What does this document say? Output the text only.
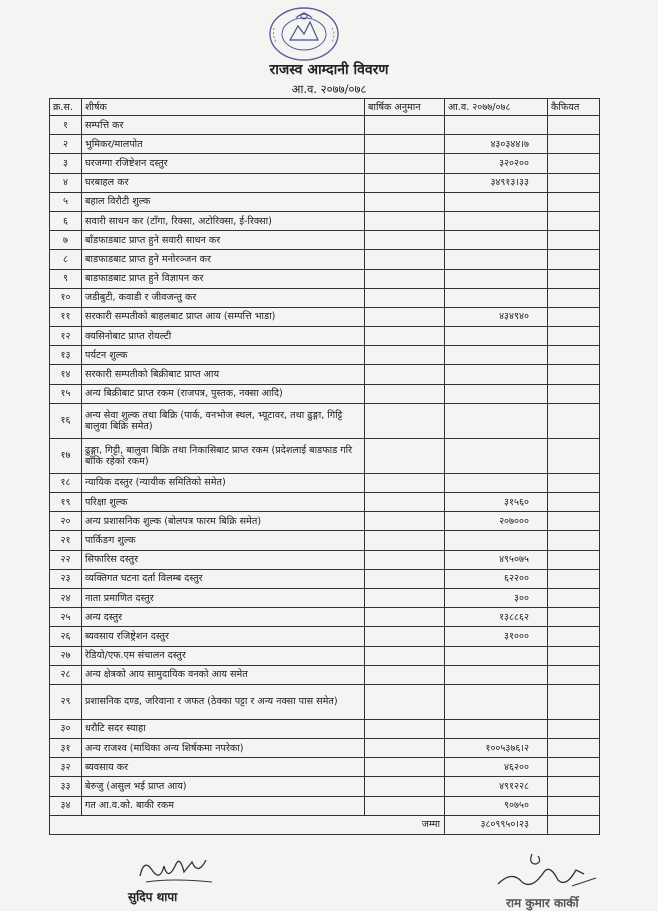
राजस्व आम्दानी विवरण
आ.व. २०७७/०७८
क्र.स.	शीर्षक	बार्षिक अनुमान	आ.व. २०७७/०७८	कैफियत
१	सम्पत्ति कर			
२	भुमिकर/मालपोत		४३०३४४।७	
३	घरजग्गा रजिष्टेशन दस्तुर		३२०२००	
४	घरबाहल कर		३४९१३।३३	
५	बहाल विरौटी शुल्क			
६	सवारी साधन कर (टाँगा, रिक्सा, अटोरिक्सा, ई-रिक्सा)			
७	बाँडफाडबाट प्राप्त हुने सवारी साधन कर			
८	बाडफाडबाट प्राप्त हुने मनोरञ्जन कर			
९	बाडफाडबाट प्राप्त हुने विज्ञापन कर			
१०	जडीबुटी, कवाडी र जीवजन्तु कर			
११	सरकारी सम्पतीको बाहलबाट प्राप्त आय (सम्पत्ति भाडा)		४३४९४०	
१२	क्यसिनोबाट प्राप्त रोयल्टी			
१३	पर्यटन शुल्क			
१४	सरकारी सम्पतीको बिक्रीबाट प्राप्त आय			
१५	अन्य बिक्रीबाट प्राप्त रकम (राजपत्र, पुस्तक, नक्सा आदि)			
१६	अन्य सेवा शुल्क तथा बिक्रि (पार्क, वनभोज स्थल, भ्यूटावर, तथा ढुङ्गा, गिट्टि बालुवा बिक्रि समेत)			
१७	ढुङ्गा, गिट्टी, बालुवा बिक्रि तथा निकासिबाट प्राप्त रकम (प्रदेशलाई बाडफाड गरि बाँकि रहेको रकम)			
१८	न्यायिक दस्तुर (न्यायीक समितिको समेत)			
१९	परिक्षा शुल्क		३१५६०	
२०	अन्य प्रशासनिक शुल्क (बोलपत्र फारम बिक्रि समेत)		२०७०००	
२१	पार्किङग शुल्क			
२२	सिफारिस दस्तुर		४९५०७५	
२३	व्यक्तिगत घटना दर्ता विलम्ब दस्तुर		६२२००	
२४	नाता प्रमाणित दस्तुर		३००	
२५	अन्य दस्तुर		१३८८६२	
२६	ब्यवसाय रजिष्ट्रेशन दस्तुर		३१०००	
२७	रेडियो/एफ.एम संचालन दस्तुर			
२८	अन्य क्षेत्रको आय सामुदायिक वनको आय समेत			
२९	प्रशासनिक दण्ड, जरिवाना र जफत (ठेक्का पट्टा र अन्य नक्सा पास समेत)			
३०	धरौटि सदर स्याहा			
३१	अन्य राजश्व (माथिका अन्य शिर्षकमा नपरेका)		१००५३७६।२	
३२	ब्यवसाय कर		४६२००	
३३	बेरुजु (असुल भई प्राप्त आय)		४९१२२८	
३४	गत आ.व.को. बाकी रकम		९०७५०	
		जम्मा	३८०९९५०।२३	
सुदिप थापा	राम कुमार कार्की
